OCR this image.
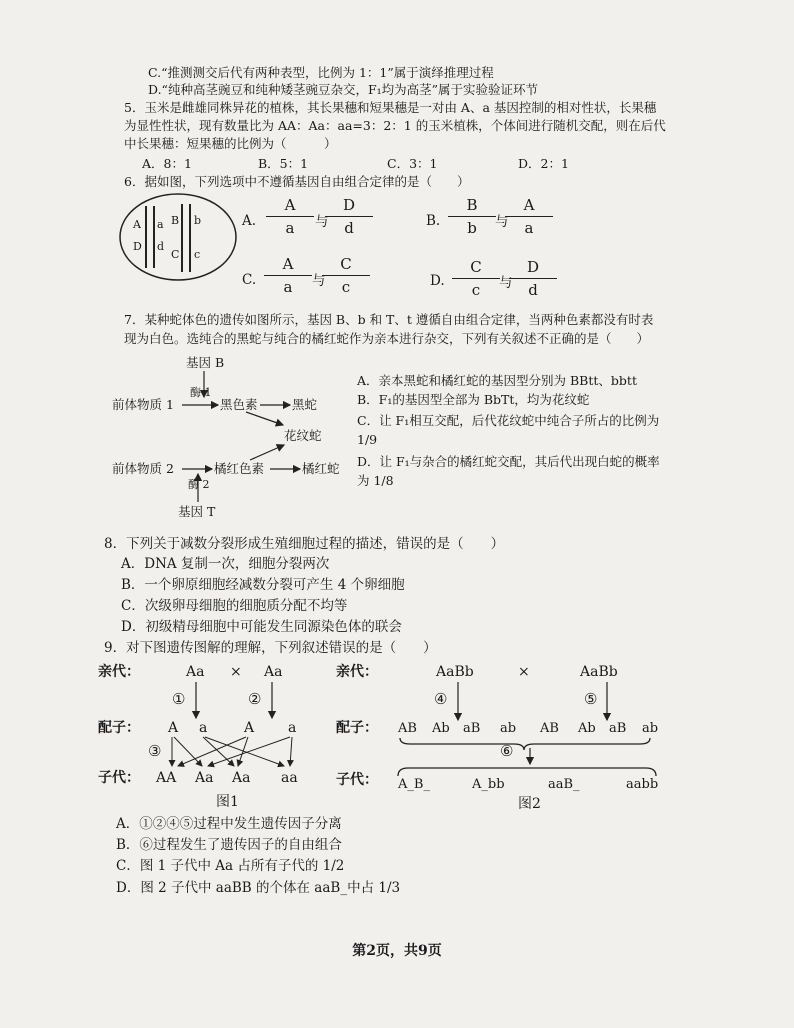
C.“推测测交后代有两种表型，比例为 1：1”属于演绎推理过程
D.“纯种高茎豌豆和纯种矮茎豌豆杂交，F₁均为高茎”属于实验验证环节
5．玉米是雌雄同株异花的植株，其长果穗和短果穗是一对由 A、a 基因控制的相对性状，长果穗
为显性性状，现有数量比为 AA：Aa：aa=3：2：1 的玉米植株，个体间进行随机交配，则在后代
中长果穗：短果穗的比例为（　　　）
A．8：1	B．5：1	C．3：1	D．2：1
6．据如图，下列选项中不遵循基因自由组合定律的是（　　）
A a
D d
B b
C c
A.
A
a	与
D
d	B.
B
b	与
A
a
C.
A
a	与
C
c	D.
C
c	与
D
d
7．某种蛇体色的遗传如图所示，基因 B、b 和 T、t 遵循自由组合定律，当两种色素都没有时表
现为白色。选纯合的黑蛇与纯合的橘红蛇作为亲本进行杂交，下列有关叙述不正确的是（　　）
基因 B
酶 1
前体物质 1	黑色素	黑蛇
花纹蛇
前体物质 2	橘红色素	橘红蛇
酶 2
基因 T
A．亲本黑蛇和橘红蛇的基因型分别为 BBtt、bbtt
B．F₁的基因型全部为 BbTt，均为花纹蛇
C．让 F₁相互交配，后代花纹蛇中纯合子所占的比例为
1/9
D．让 F₁与杂合的橘红蛇交配，其后代出现白蛇的概率
为 1/8
8．下列关于减数分裂形成生殖细胞过程的描述，错误的是（　　）
A．DNA 复制一次，细胞分裂两次
B．一个卵原细胞经减数分裂可产生 4 个卵细胞
C．次级卵母细胞的细胞质分配不均等
D．初级精母细胞中可能发生同源染色体的联会
9．对下图遗传图解的理解，下列叙述错误的是（　　）
亲代：	Aa × Aa
①	②
配子： A a	A a
③
子代： AA Aa Aa aa
图1
亲代：	AaBb	×	AaBb
④	⑤
配子： AB Ab aB ab AB Ab aB ab
⑥
子代： A_B_	A_bb	aaB_	aabb
图2
A．①②④⑤过程中发生遗传因子分离
B．⑥过程发生了遗传因子的自由组合
C．图 1 子代中 Aa 占所有子代的 1/2
D．图 2 子代中 aaBB 的个体在 aaB_中占 1/3
第2页，共9页
